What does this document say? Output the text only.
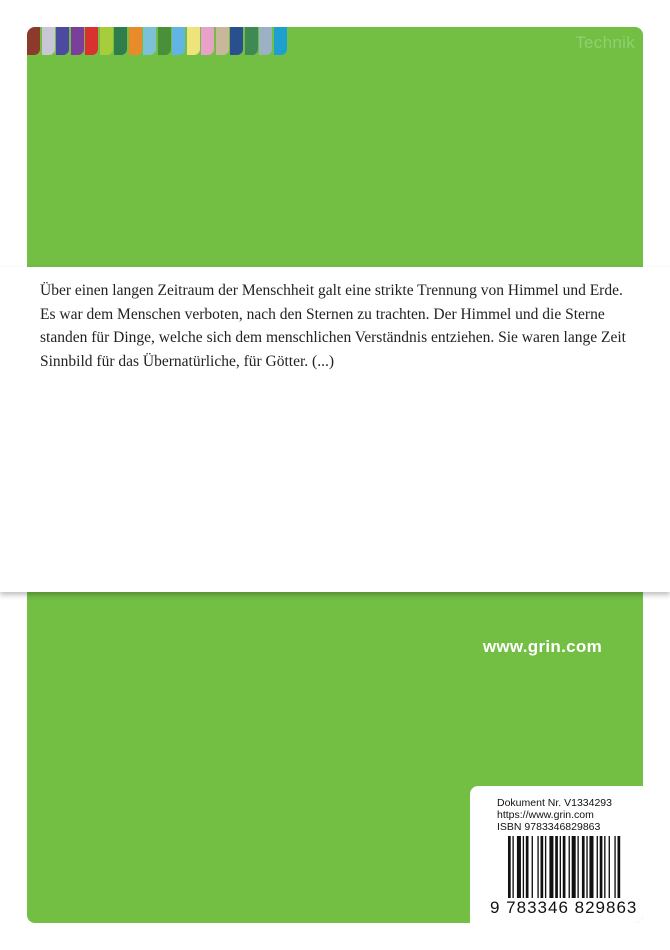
Technik
www.grin.com
Dokument Nr. V1334293
https://www.grin.com
ISBN 9783346829863
9 783346 829863

Über einen langen Zeitraum der Menschheit galt eine strikte Trennung von Himmel und Erde. Es war dem Menschen verboten, nach den Sternen zu trachten. Der Himmel und die Sterne standen für Dinge, welche sich dem menschlichen Verständnis entziehen. Sie waren lange Zeit Sinnbild für das Übernatürliche, für Götter. (...)
